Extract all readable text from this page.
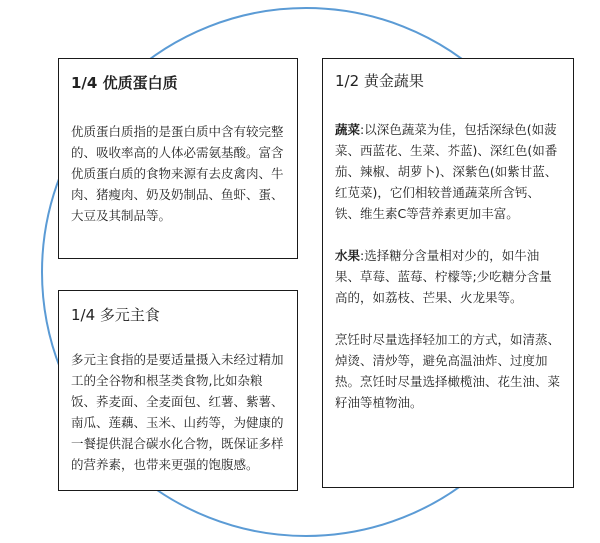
1/4 优质蛋白质

优质蛋白质指的是蛋白质中含有较完整的、吸收率高的人体必需氨基酸。富含优质蛋白质的食物来源有去皮禽肉、牛肉、猪瘦肉、奶及奶制品、鱼虾、蛋、大豆及其制品等。

1/4 多元主食

多元主食指的是要适量摄入未经过精加工的全谷物和根茎类食物,比如杂粮饭、荞麦面、全麦面包、红薯、紫薯、南瓜、莲藕、玉米、山药等，为健康的一餐提供混合碳水化合物，既保证多样的营养素，也带来更强的饱腹感。

1/2 黄金蔬果

蔬菜:以深色蔬菜为佳，包括深绿色(如菠菜、西蓝花、生菜、芥蓝)、深红色(如番茄、辣椒、胡萝卜)、深紫色(如紫甘蓝、红苋菜)，它们相较普通蔬菜所含钙、铁、维生素C等营养素更加丰富。

水果:选择糖分含量相对少的，如牛油果、草莓、蓝莓、柠檬等;少吃糖分含量高的，如荔枝、芒果、火龙果等。

烹饪时尽量选择轻加工的方式，如清蒸、焯烫、清炒等，避免高温油炸、过度加热。烹饪时尽量选择橄榄油、花生油、菜籽油等植物油。
